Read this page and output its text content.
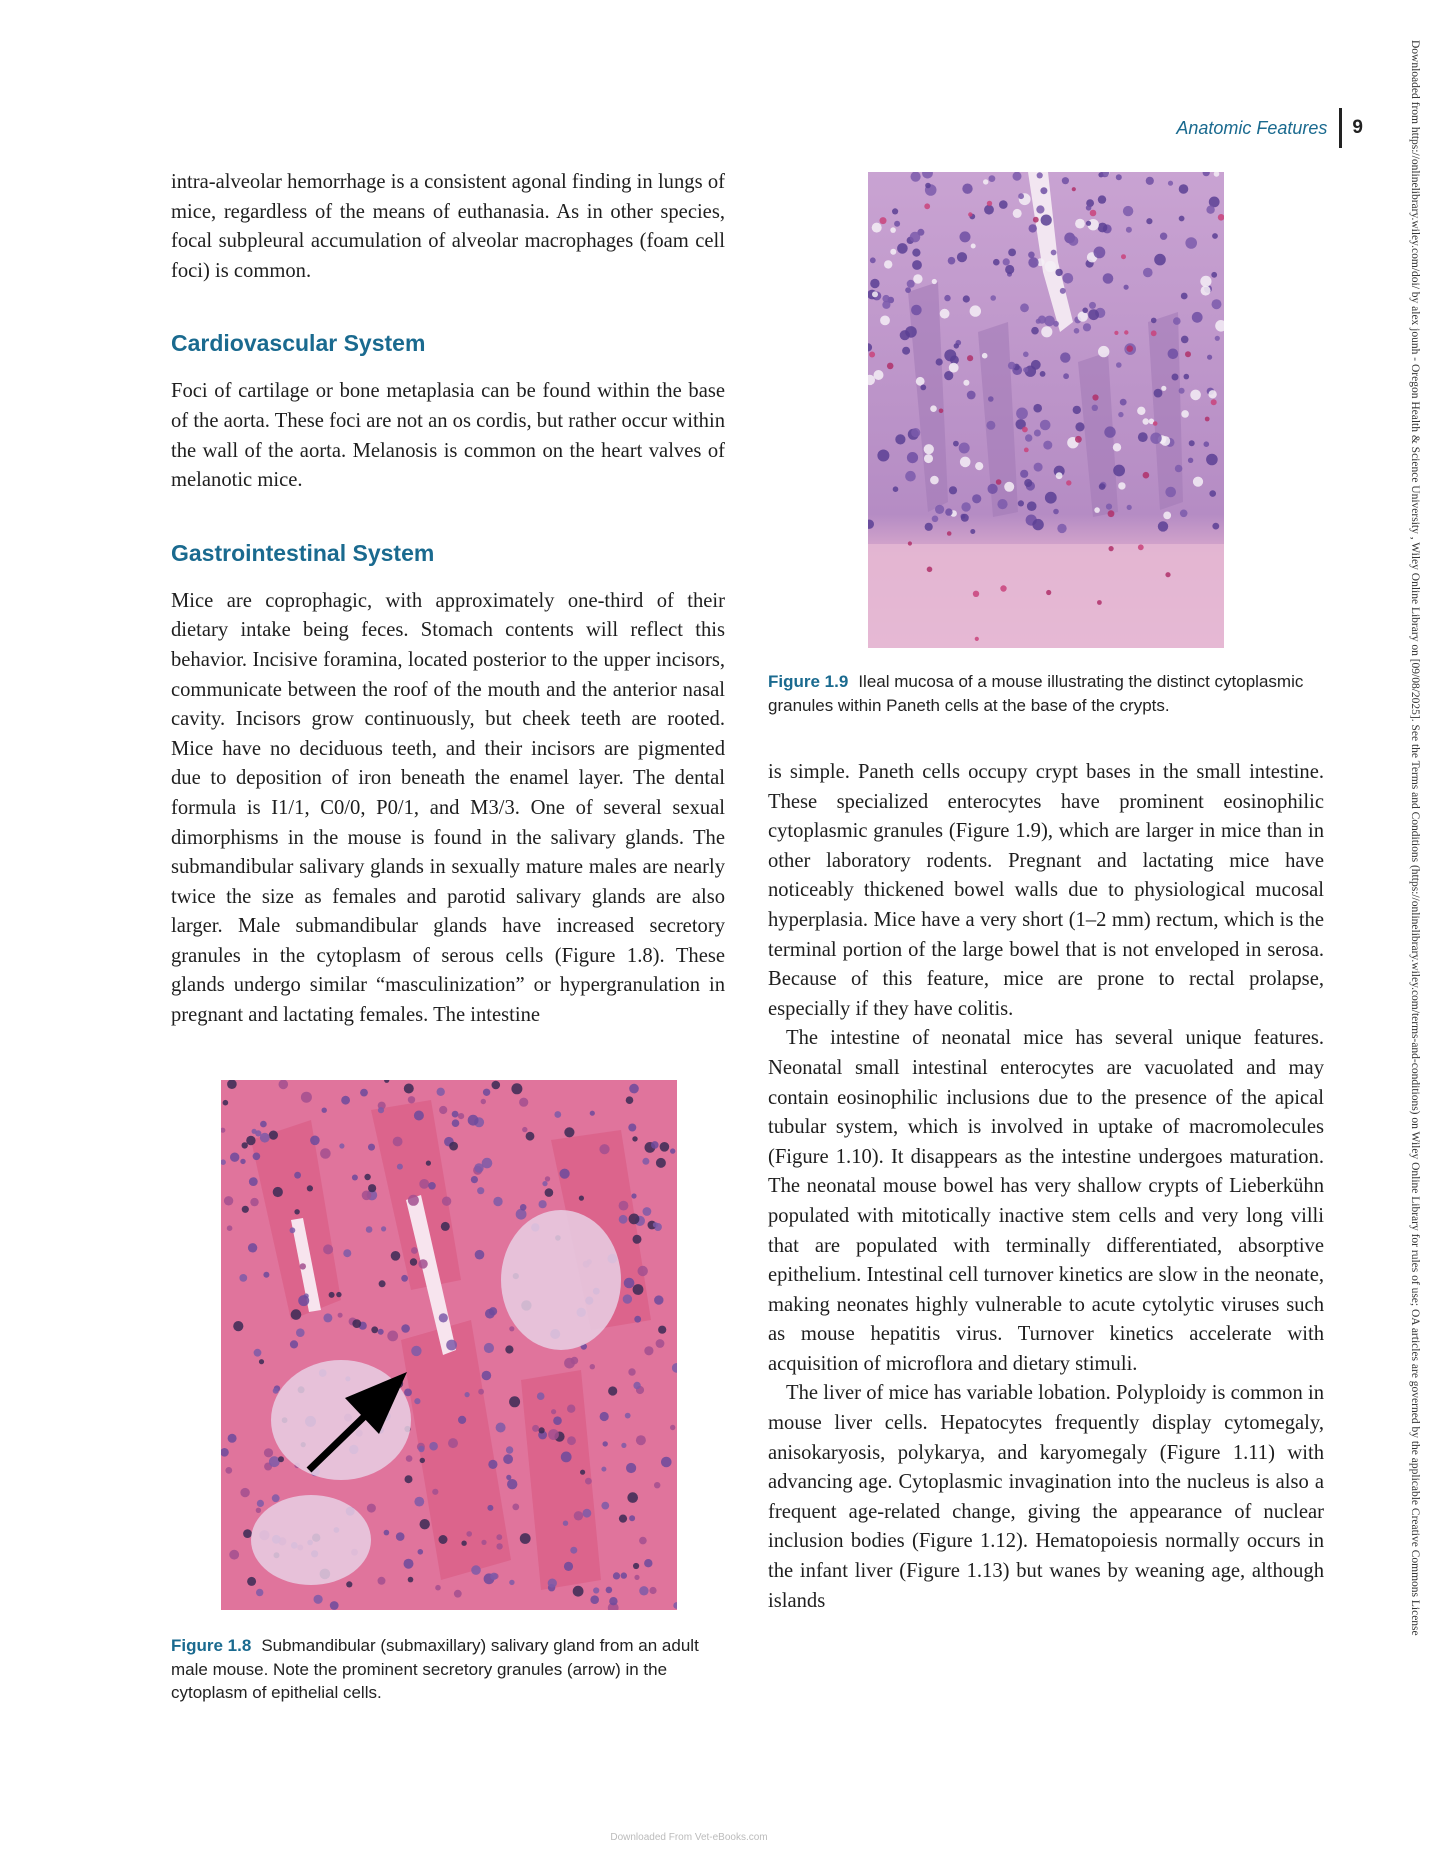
Anatomic Features	9

intra-alveolar hemorrhage is a consistent agonal finding in lungs of mice, regardless of the means of euthanasia. As in other species, focal subpleural accumulation of alveolar macrophages (foam cell foci) is common.

Cardiovascular System

Foci of cartilage or bone metaplasia can be found within the base of the aorta. These foci are not an os cordis, but rather occur within the wall of the aorta. Melanosis is common on the heart valves of melanotic mice.

Gastrointestinal System

Mice are coprophagic, with approximately one-third of their dietary intake being feces. Stomach contents will reflect this behavior. Incisive foramina, located posterior to the upper incisors, communicate between the roof of the mouth and the anterior nasal cavity. Incisors grow continuously, but cheek teeth are rooted. Mice have no deciduous teeth, and their incisors are pigmented due to deposition of iron beneath the enamel layer. The dental formula is I1/1, C0/0, P0/1, and M3/3. One of several sexual dimorphisms in the mouse is found in the salivary glands. The submandibular salivary glands in sexually mature males are nearly twice the size as females and parotid salivary glands are also larger. Male submandibular glands have increased secretory granules in the cytoplasm of serous cells (Figure 1.8). These glands undergo similar “masculinization” or hypergranulation in pregnant and lactating females. The intestine

Figure 1.9 Ileal mucosa of a mouse illustrating the distinct cytoplasmic granules within Paneth cells at the base of the crypts.

is simple. Paneth cells occupy crypt bases in the small intestine. These specialized enterocytes have prominent eosinophilic cytoplasmic granules (Figure 1.9), which are larger in mice than in other laboratory rodents. Pregnant and lactating mice have noticeably thickened bowel walls due to physiological mucosal hyperplasia. Mice have a very short (1–2 mm) rectum, which is the terminal portion of the large bowel that is not enveloped in serosa. Because of this feature, mice are prone to rectal prolapse, especially if they have colitis.

The intestine of neonatal mice has several unique features. Neonatal small intestinal enterocytes are vacuolated and may contain eosinophilic inclusions due to the presence of the apical tubular system, which is involved in uptake of macromolecules (Figure 1.10). It disappears as the intestine undergoes maturation. The neonatal mouse bowel has very shallow crypts of Lieberkühn populated with mitotically inactive stem cells and very long villi that are populated with terminally differentiated, absorptive epithelium. Intestinal cell turnover kinetics are slow in the neonate, making neonates highly vulnerable to acute cytolytic viruses such as mouse hepatitis virus. Turnover kinetics accelerate with acquisition of microflora and dietary stimuli.

The liver of mice has variable lobation. Polyploidy is common in mouse liver cells. Hepatocytes frequently display cytomegaly, anisokaryosis, polykarya, and karyomegaly (Figure 1.11) with advancing age. Cytoplasmic invagination into the nucleus is also a frequent age-related change, giving the appearance of nuclear inclusion bodies (Figure 1.12). Hematopoiesis normally occurs in the infant liver (Figure 1.13) but wanes by weaning age, although islands

Figure 1.8 Submandibular (submaxillary) salivary gland from an adult male mouse. Note the prominent secretory granules (arrow) in the cytoplasm of epithelial cells.
Downloaded from https://onlinelibrary.wiley.com/doi/ by alex jounh - Oregon Health & Science University , Wiley Online Library on [09/08/2025]. See the Terms and Conditions (https://onlinelibrary.wiley.com/terms-and-conditions) on Wiley Online Library for rules of use; OA articles are governed by the applicable Creative Commons License
Downloaded From Vet-eBooks.com
